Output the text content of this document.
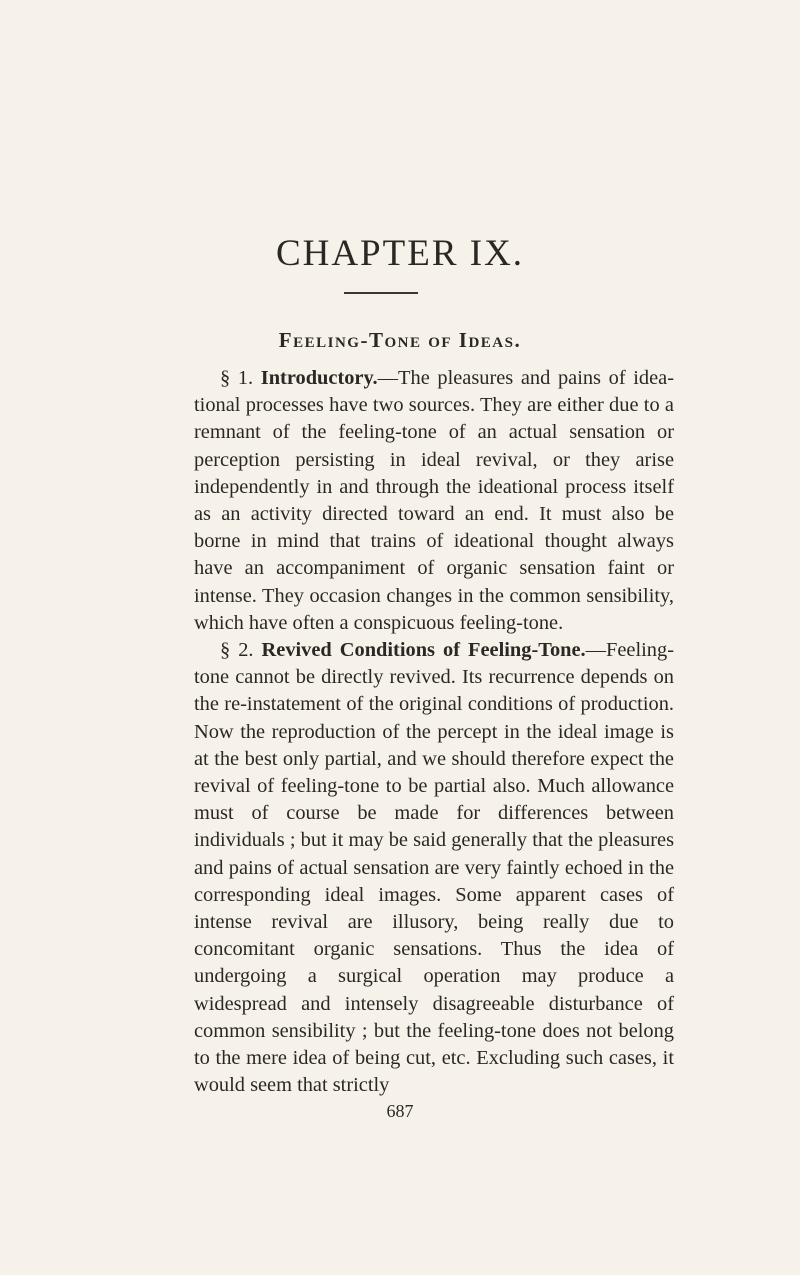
CHAPTER IX.
Feeling-Tone of Ideas.

§ 1. Introductory.—The pleasures and pains of idea- tional processes have two sources. They are either due to a remnant of the feeling-tone of an actual sensation or perception persisting in ideal revival, or they arise independently in and through the ideational process itself as an activity directed toward an end. It must also be borne in mind that trains of ideational thought always have an accompaniment of organic sensation faint or intense. They occasion changes in the common sensibility, which have often a conspicuous feeling-tone.

§ 2. Revived Conditions of Feeling-Tone.—Feeling- tone cannot be directly revived. Its recurrence depends on the re-instatement of the original conditions of production. Now the reproduction of the percept in the ideal image is at the best only partial, and we should therefore expect the revival of feeling-tone to be partial also. Much allowance must of course be made for differences between individuals ; but it may be said generally that the pleasures and pains of actual sensation are very faintly echoed in the corresponding ideal images. Some apparent cases of intense revival are illusory, being really due to concomitant organic sensations. Thus the idea of undergoing a surgical operation may produce a widespread and intensely disagreeable disturbance of common sensibility ; but the feeling-tone does not belong to the mere idea of being cut, etc. Excluding such cases, it would seem that strictly

687
